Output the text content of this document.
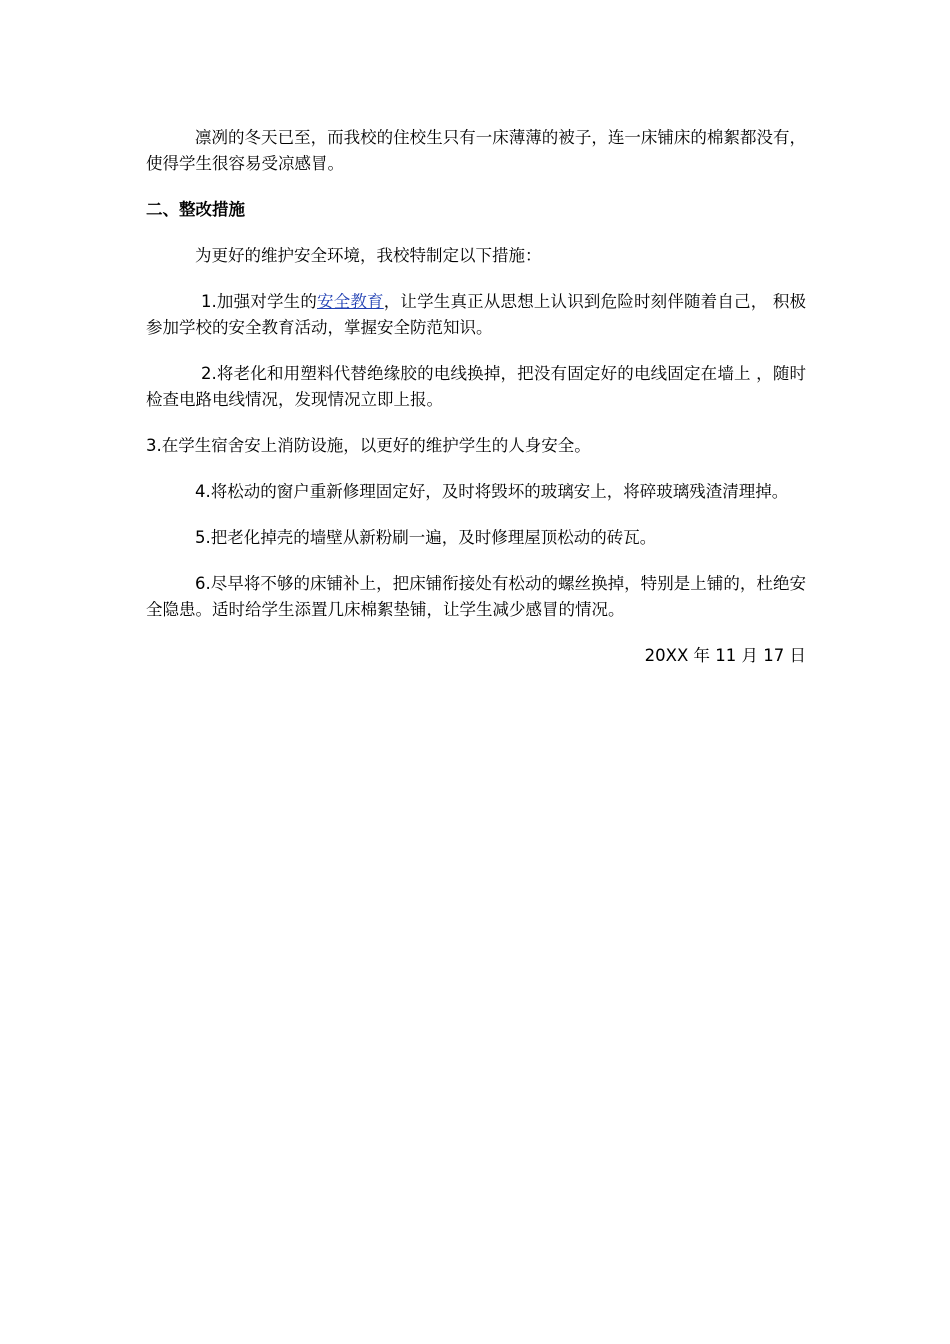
凛冽的冬天已至，而我校的住校生只有一床薄薄的被子，连一床铺床的棉絮都没有，使得学生很容易受凉感冒。

二、整改措施

为更好的维护安全环境，我校特制定以下措施：

1.加强对学生的安全教育，让学生真正从思想上认识到危险时刻伴随着自己， 积极参加学校的安全教育活动，掌握安全防范知识。

2.将老化和用塑料代替绝缘胶的电线换掉，把没有固定好的电线固定在墙上 ，随时检查电路电线情况，发现情况立即上报。

3.在学生宿舍安上消防设施，以更好的维护学生的人身安全。

4.将松动的窗户重新修理固定好，及时将毁坏的玻璃安上，将碎玻璃残渣清理掉。

5.把老化掉壳的墙壁从新粉刷一遍，及时修理屋顶松动的砖瓦。

6.尽早将不够的床铺补上，把床铺衔接处有松动的螺丝换掉，特别是上铺的，杜绝安全隐患。适时给学生添置几床棉絮垫铺，让学生减少感冒的情况。

20XX 年 11 月 17 日
